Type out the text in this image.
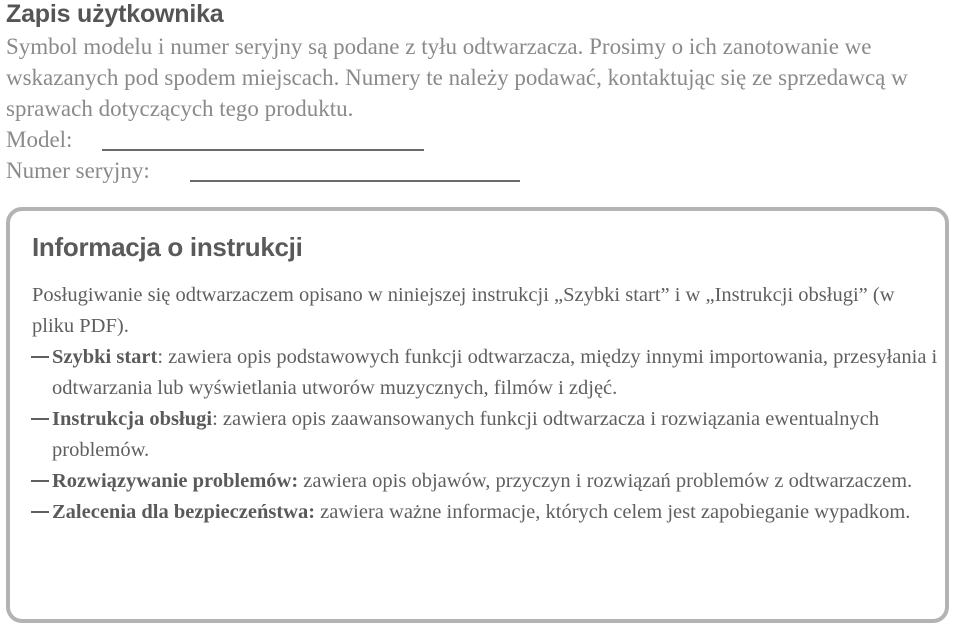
Zapis użytkownika

Symbol modelu i numer seryjny są podane z tyłu odtwarzacza. Prosimy o ich zanotowanie we wskazanych pod spodem miejscach. Numery te należy podawać, kontaktując się ze sprzedawcą w sprawach dotyczących tego produktu.

Model:
Numer seryjny:
Informacja o instrukcji

Posługiwanie się odtwarzaczem opisano w niniejszej instrukcji „Szybki start” i w „Instrukcji obsługi” (w pliku PDF).

Szybki start: zawiera opis podstawowych funkcji odtwarzacza, między innymi importowania, przesyłania i odtwarzania lub wyświetlania utworów muzycznych, filmów i zdjęć.
Instrukcja obsługi: zawiera opis zaawansowanych funkcji odtwarzacza i rozwiązania ewentualnych problemów.
Rozwiązywanie problemów: zawiera opis objawów, przyczyn i rozwiązań problemów z odtwarzaczem.
Zalecenia dla bezpieczeństwa: zawiera ważne informacje, których celem jest zapobieganie wypadkom.
